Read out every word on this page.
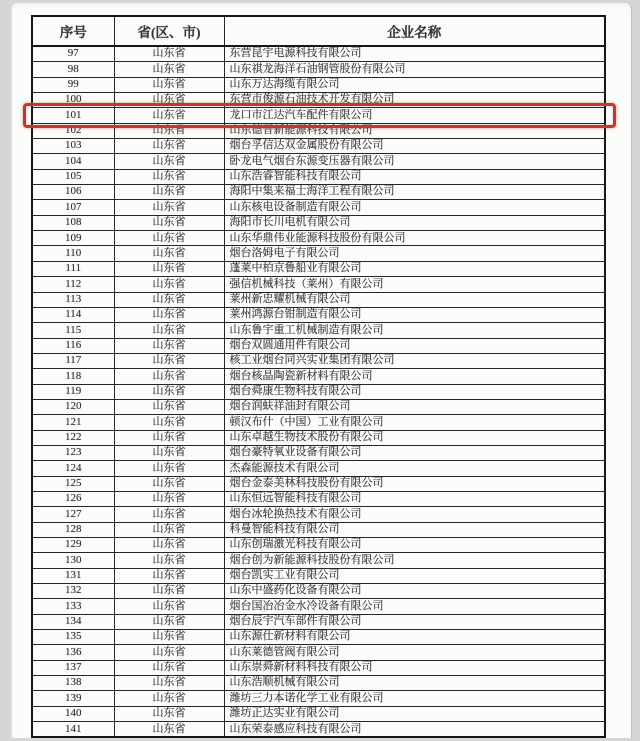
序号	省(区、市)	企业名称
97	山东省	东营昆宇电源科技有限公司
98	山东省	山东祺龙海洋石油钢管股份有限公司
99	山东省	山东万达海缆有限公司
100	山东省	东营市俊源石油技术开发有限公司
101	山东省	龙口市江达汽车配件有限公司
102	山东省	山东德晋新能源科技有限公司
103	山东省	烟台孚信达双金属股份有限公司
104	山东省	卧龙电气烟台东源变压器有限公司
105	山东省	山东浩睿智能科技有限公司
106	山东省	海阳中集来福士海洋工程有限公司
107	山东省	山东核电设备制造有限公司
108	山东省	海阳市长川电机有限公司
109	山东省	山东华鼎伟业能源科技股份有限公司
110	山东省	烟台洛姆电子有限公司
111	山东省	蓬莱中柏京鲁船业有限公司
112	山东省	强信机械科技（莱州）有限公司
113	山东省	莱州新忠耀机械有限公司
114	山东省	莱州鸿源台钳制造有限公司
115	山东省	山东鲁宇重工机械制造有限公司
116	山东省	烟台双圆通用件有限公司
117	山东省	核工业烟台同兴实业集团有限公司
118	山东省	烟台核晶陶瓷新材料有限公司
119	山东省	烟台舜康生物科技有限公司
120	山东省	烟台润蚨祥油封有限公司
121	山东省	顿汉布什（中国）工业有限公司
122	山东省	山东卓越生物技术股份有限公司
123	山东省	烟台豪特氧业设备有限公司
124	山东省	杰森能源技术有限公司
125	山东省	烟台金泰美林科技股份有限公司
126	山东省	山东恒远智能科技有限公司
127	山东省	烟台冰轮换热技术有限公司
128	山东省	科曼智能科技有限公司
129	山东省	山东创瑞激光科技有限公司
130	山东省	烟台创为新能源科技股份有限公司
131	山东省	烟台凯实工业有限公司
132	山东省	山东中盛药化设备有限公司
133	山东省	烟台国冶冶金水冷设备有限公司
134	山东省	烟台辰宇汽车部件有限公司
135	山东省	山东源仕新材料有限公司
136	山东省	山东莱德管阀有限公司
137	山东省	山东崇舜新材料科技有限公司
138	山东省	山东浩顺机械有限公司
139	山东省	潍坊三力本诺化学工业有限公司
140	山东省	潍坊正达实业有限公司
141	山东省	山东荣泰感应科技有限公司
